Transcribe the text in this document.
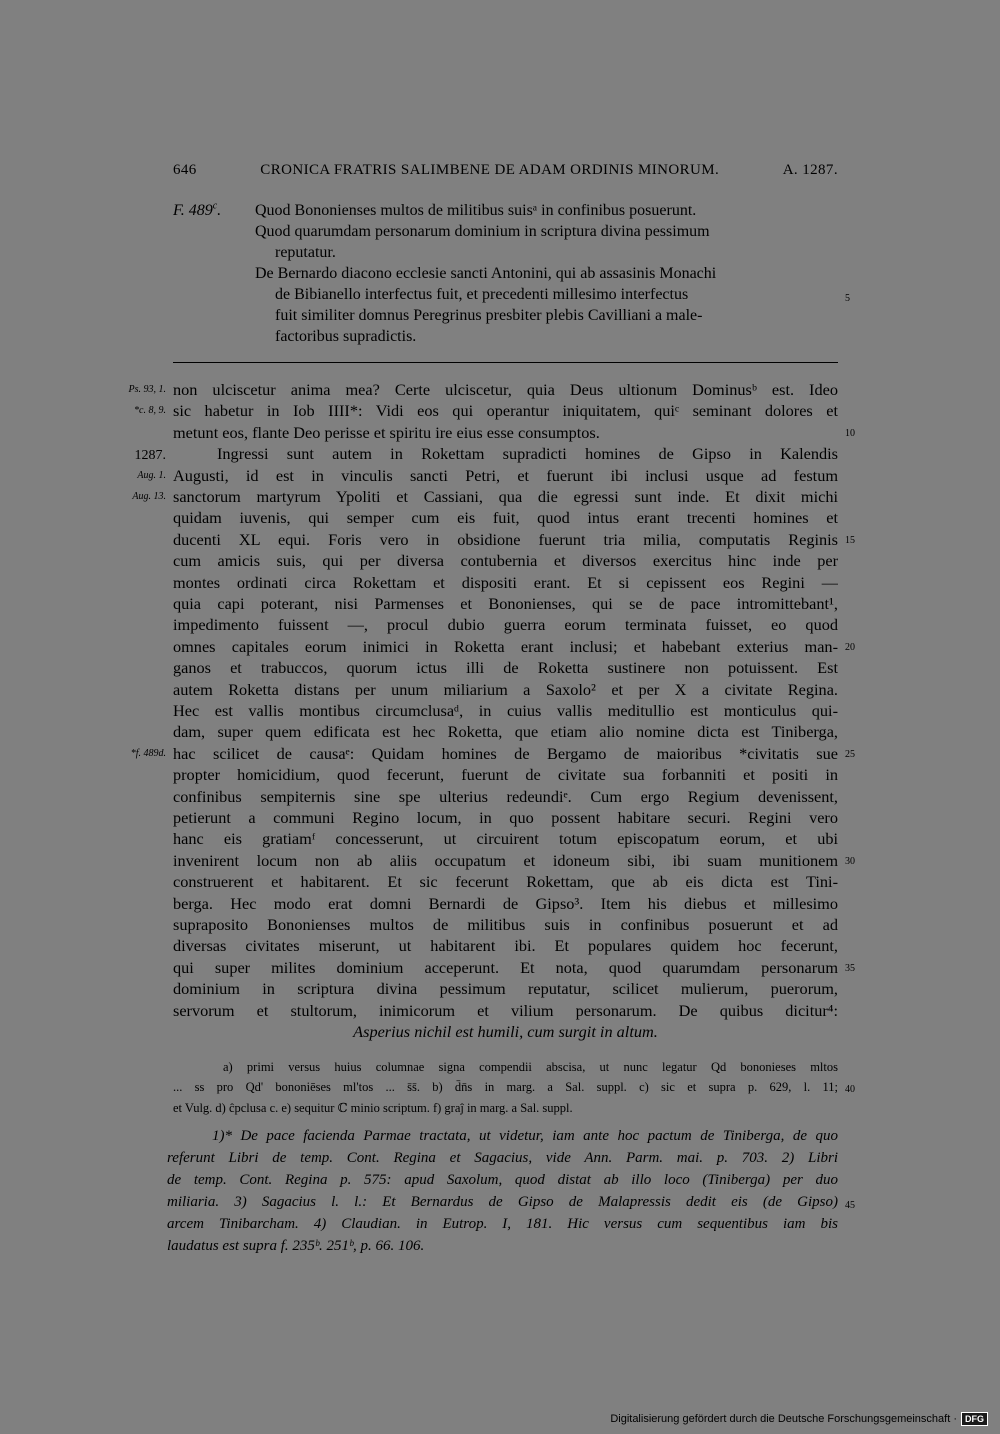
646	CRONICA FRATRIS SALIMBENE DE ADAM ORDINIS MINORUM.	A. 1287.
F. 489$^c$. Quod Bononienses multos de militibus suisᵃ in confinibus posuerunt.
Quod quarumdam personarum dominium in scriptura divina pessimum
reputatur.
De Bernardo diacono ecclesie sancti Antonini, qui ab assasinis Monachi
de Bibianello interfectus fuit, et precedenti millesimo interfectus
fuit similiter domnus Peregrinus presbiter plebis Cavilliani a male-
factoribus supradictis.
5
non ulciscetur anima mea? Certe ulciscetur, quia Deus ultionum Dominusᵇ est. Ideo
sic habetur in Iob IIII*: Vidi eos qui operantur iniquitatem, quiᶜ seminant dolores et
metunt eos, flante Deo perisse et spiritu ire eius esse consumptos.
Ingressi sunt autem in Rokettam supradicti homines de Gipso in Kalendis
Augusti, id est in vinculis sancti Petri, et fuerunt ibi inclusi usque ad festum
sanctorum martyrum Ypoliti et Cassiani, qua die egressi sunt inde. Et dixit michi
quidam iuvenis, qui semper cum eis fuit, quod intus erant trecenti homines et
ducenti XL equi. Foris vero in obsidione fuerunt tria milia, computatis Reginis
cum amicis suis, qui per diversa contubernia et diversos exercitus hinc inde per
montes ordinati circa Rokettam et dispositi erant. Et si cepissent eos Regini —
quia capi poterant, nisi Parmenses et Bononienses, qui se de pace intromittebant¹,
impedimento fuissent —, procul dubio guerra eorum terminata fuisset, eo quod
omnes capitales eorum inimici in Roketta erant inclusi; et habebant exterius man-
ganos et trabuccos, quorum ictus illi de Roketta sustinere non potuissent. Est
autem Roketta distans per unum miliarium a Saxolo² et per X a civitate Regina.
Hec est vallis montibus circumclusaᵈ, in cuius vallis meditullio est monticulus qui-
dam, super quem edificata est hec Roketta, que etiam alio nomine dicta est Tiniberga,
hac scilicet de causaᵉ: Quidam homines de Bergamo de maioribus *civitatis sue
propter homicidium, quod fecerunt, fuerunt de civitate sua forbanniti et positi in
confinibus sempiternis sine spe ulterius redeundiᵉ. Cum ergo Regium devenissent,
petierunt a communi Regino locum, in quo possent habitare securi. Regini vero
hanc eis gratiamᶠ concesserunt, ut circuirent totum episcopatum eorum, et ubi
invenirent locum non ab aliis occupatum et idoneum sibi, ibi suam munitionem
construerent et habitarent. Et sic fecerunt Rokettam, que ab eis dicta est Tini-
berga. Hec modo erat domni Bernardi de Gipso³. Item his diebus et millesimo
supraposito Bononienses multos de militibus suis in confinibus posuerunt et ad
diversas civitates miserunt, ut habitarent ibi. Et populares quidem hoc fecerunt,
qui super milites dominium acceperunt. Et nota, quod quarumdam personarum
dominium in scriptura divina pessimum reputatur, scilicet mulierum, puerorum,
servorum et stultorum, inimicorum et vilium personarum. De quibus dicitur⁴:
Asperius nichil est humili, cum surgit in altum.
Ps. 93, 1.
*c. 8, 9.
1287.
Aug. 1.
Aug. 13.
*f. 489d.
10
15
20
25
30
35
a) primi versus huius columnae signa compendii abscisa, ut nunc legatur Qd bononieses mltos
... ss pro Qd' bononiēses ml'tos ... s̄s̄. b) d̄n̄s in marg. a Sal. suppl. c) sic et supra p. 629, l. 11;
et Vulg. d) ĉpclusa c. e) sequitur ℂ minio scriptum. f) graĵ in marg. a Sal. suppl.
40
1)* De pace facienda Parmae tractata, ut videtur, iam ante hoc pactum de Tiniberga, de quo
referunt Libri de temp. Cont. Regina et Sagacius, vide Ann. Parm. mai. p. 703. 2) Libri
de temp. Cont. Regina p. 575: apud Saxolum, quod distat ab illo loco (Tiniberga) per duo
miliaria. 3) Sagacius l. l.: Et Bernardus de Gipso de Malapressis dedit eis (de Gipso)
arcem Tinibarcham. 4) Claudian. in Eutrop. I, 181. Hic versus cum sequentibus iam bis
laudatus est supra f. 235ᵇ. 251ᵇ, p. 66. 106.
45
Digitalisierung gefördert durch die Deutsche Forschungsgemeinschaft · DFG
